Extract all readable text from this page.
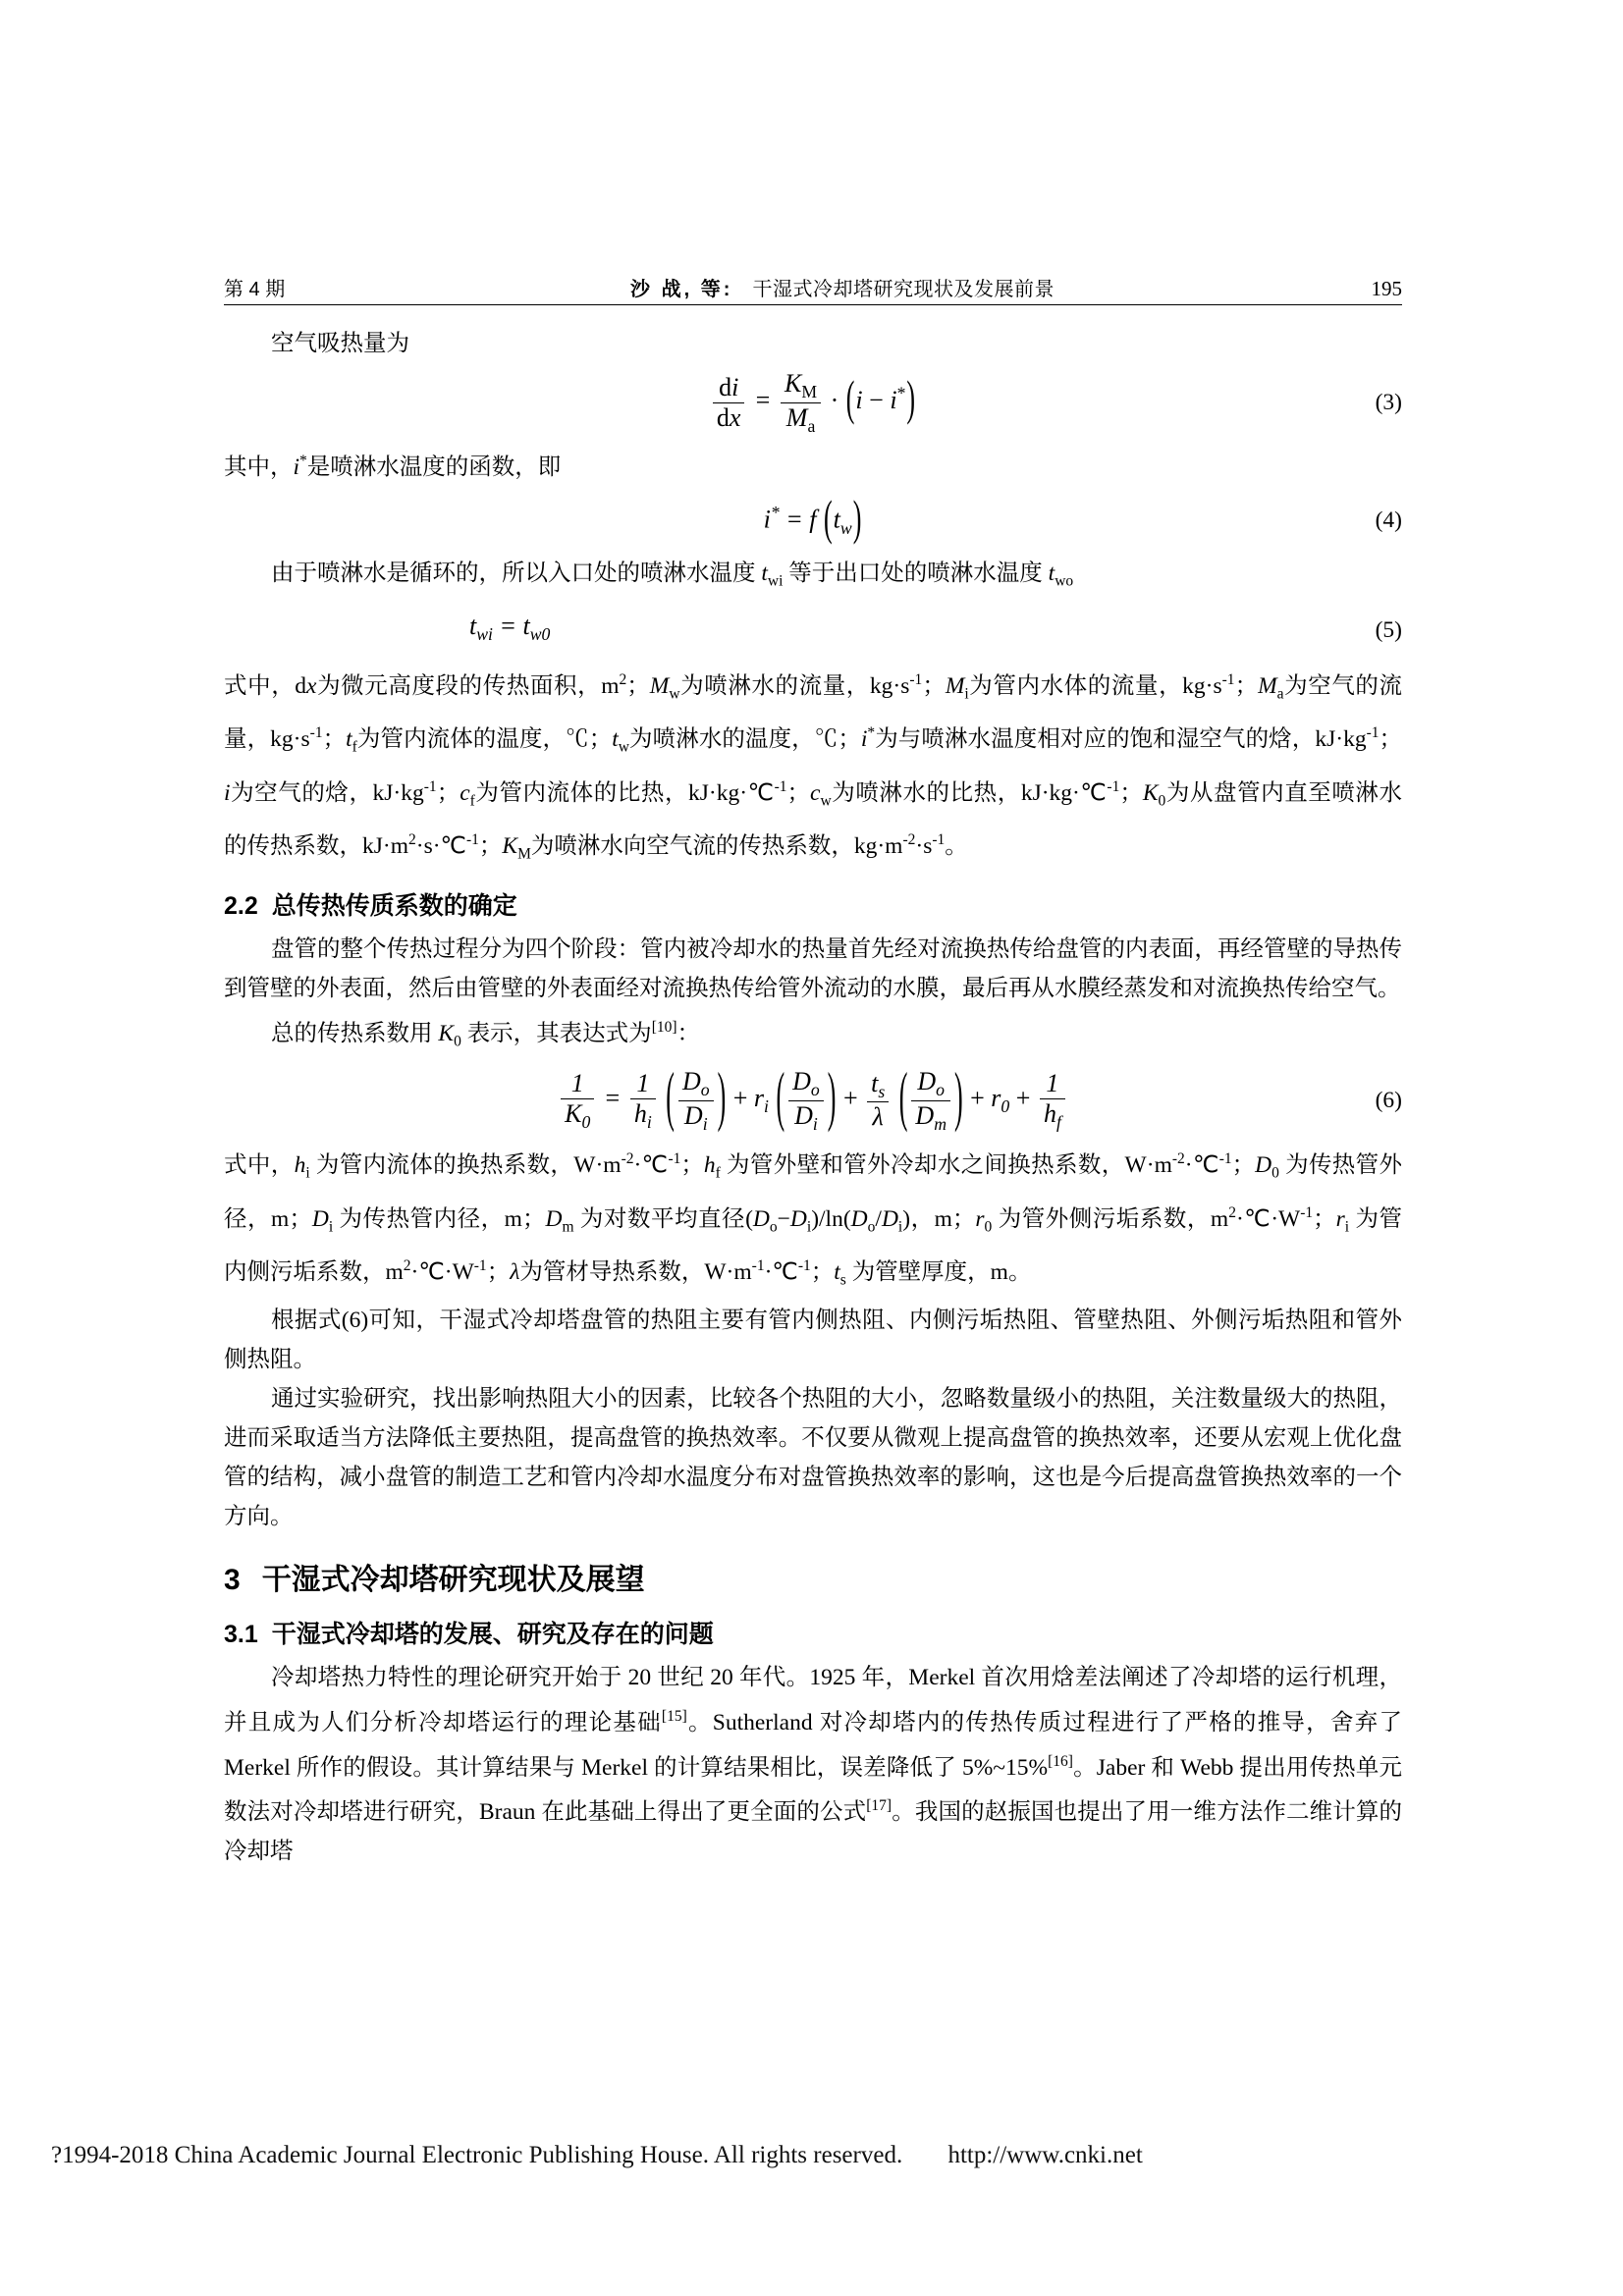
第 4 期	沙 战, 等: 干湿式冷却塔研究现状及发展前景	195

空气吸热量为

$\frac{di}{dx} = \frac{K_M}{M_a} \cdot (i - i^*)$	(3)

其中，i*是喷淋水温度的函数，即

i* = f $(t_w)$	(4)

由于喷淋水是循环的，所以入口处的喷淋水温度 $t_{wi}$ 等于出口处的喷淋水温度 $t_{wo}$

$t_{wi} = t_{w0}$	(5)

式中，dx为微元高度段的传热面积，$m^2$；$M_w$为喷淋水的流量，$kg\cdot s^{-1}$；$M_i$为管内水体的流量，$kg\cdot s^{-1}$；$M_a$为空气的流量，$kg\cdot s^{-1}$；$t_f$为管内流体的温度，℃；$t_w$为喷淋水的温度，℃；i*为与喷淋水温度相对应的饱和湿空气的焓，$kJ\cdot kg^{-1}$；i为空气的焓，$kJ\cdot kg^{-1}$；$c_f$为管内流体的比热，kJ·kg·℃$^{-1}$；$c_w$为喷淋水的比热，kJ·kg·℃$^{-1}$；$K_0$为从盘管内直至喷淋水的传热系数，$kJ\cdot m^2\cdot s\cdot℃^{-1}$；$K_M$为喷淋水向空气流的传热系数，$kg\cdot m^{-2}\cdot s^{-1}$。

2.2 总传热传质系数的确定

盘管的整个传热过程分为四个阶段：管内被冷却水的热量首先经对流换热传给盘管的内表面，再经管壁的导热传到管壁的外表面，然后由管壁的外表面经对流换热传给管外流动的水膜，最后再从水膜经蒸发和对流换热传给空气。

总的传热系数用 $K_0$ 表示，其表达式为[10]：

$\frac{1}{K_0} = \frac{1}{h_i}$ ( $\frac{D_o}{D_i}$ ) + $r_i$ ( $\frac{D_o}{D_i}$ ) + $\frac{t_s}{\lambda}$ ( $\frac{D_o}{D_m}$ ) + $r_0 + \frac{1}{h_f}$	(6)

式中，$h_i$ 为管内流体的换热系数，$W\cdot m^{-2}\cdot℃^{-1}$；$h_f$ 为管外壁和管外冷却水之间换热系数，$W\cdot m^{-2}\cdot℃^{-1}$；$D_0$ 为传热管外径，m；$D_i$ 为传热管内径，m；$D_m$ 为对数平均直径$(D_o-D_i)/\ln(D_o/D_i)$，m；$r_0$ 为管外侧污垢系数，$m^2\cdot℃\cdot W^{-1}$；$r_i$ 为管内侧污垢系数，$m^2\cdot℃\cdot W^{-1}$；λ为管材导热系数，$W\cdot m^{-1}\cdot℃^{-1}$；$t_s$ 为管壁厚度，m。

根据式(6)可知，干湿式冷却塔盘管的热阻主要有管内侧热阻、内侧污垢热阻、管壁热阻、外侧污垢热阻和管外侧热阻。

通过实验研究，找出影响热阻大小的因素，比较各个热阻的大小，忽略数量级小的热阻，关注数量级大的热阻，进而采取适当方法降低主要热阻，提高盘管的换热效率。不仅要从微观上提高盘管的换热效率，还要从宏观上优化盘管的结构，减小盘管的制造工艺和管内冷却水温度分布对盘管换热效率的影响，这也是今后提高盘管换热效率的一个方向。

3 干湿式冷却塔研究现状及展望
3.1 干湿式冷却塔的发展、研究及存在的问题

冷却塔热力特性的理论研究开始于 20 世纪 20 年代。1925 年，Merkel 首次用焓差法阐述了冷却塔的运行机理，并且成为人们分析冷却塔运行的理论基础[15]。Sutherland 对冷却塔内的传热传质过程进行了严格的推导，舍弃了 Merkel 所作的假设。其计算结果与 Merkel 的计算结果相比，误差降低了 5%~15%[16]。Jaber 和 Webb 提出用传热单元数法对冷却塔进行研究，Braun 在此基础上得出了更全面的公式[17]。我国的赵振国也提出了用一维方法作二维计算的冷却塔

?1994-2018 China Academic Journal Electronic Publishing House. All rights reserved. http://www.cnki.net
